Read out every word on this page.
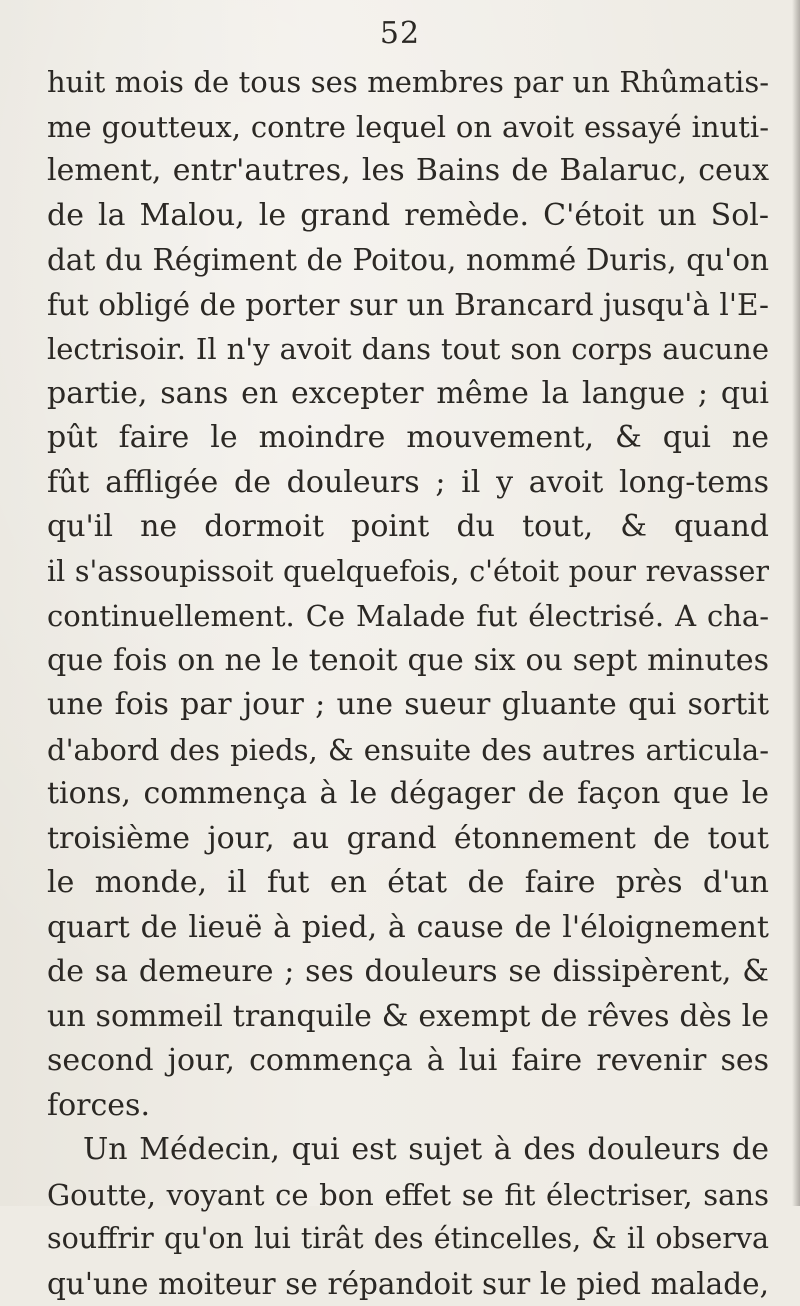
52
huit mois de tous ses membres par un Rhûmatis-
me goutteux, contre lequel on avoit essayé inuti-
lement, entr'autres, les Bains de Balaruc, ceux
de la Malou, le grand remède. C'étoit un Sol-
dat du Régiment de Poitou, nommé Duris, qu'on
fut obligé de porter sur un Brancard jusqu'à l'E-
lectrisoir. Il n'y avoit dans tout son corps aucune
partie, sans en excepter même la langue ; qui
pût faire le moindre mouvement, & qui ne
fût affligée de douleurs ; il y avoit long-tems
qu'il ne dormoit point du tout, & quand
il s'assoupissoit quelquefois, c'étoit pour revasser
continuellement. Ce Malade fut électrisé. A cha-
que fois on ne le tenoit que six ou sept minutes
une fois par jour ; une sueur gluante qui sortit
d'abord des pieds, & ensuite des autres articula-
tions, commença à le dégager de façon que le
troisième jour, au grand étonnement de tout
le monde, il fut en état de faire près d'un
quart de lieuë à pied, à cause de l'éloignement
de sa demeure ; ses douleurs se dissipèrent, &
un sommeil tranquile & exempt de rêves dès le
second jour, commença à lui faire revenir ses
forces.
Un Médecin, qui est sujet à des douleurs de
Goutte, voyant ce bon effet se fit électriser, sans
souffrir qu'on lui tirât des étincelles, & il observa
qu'une moiteur se répandoit sur le pied malade,
